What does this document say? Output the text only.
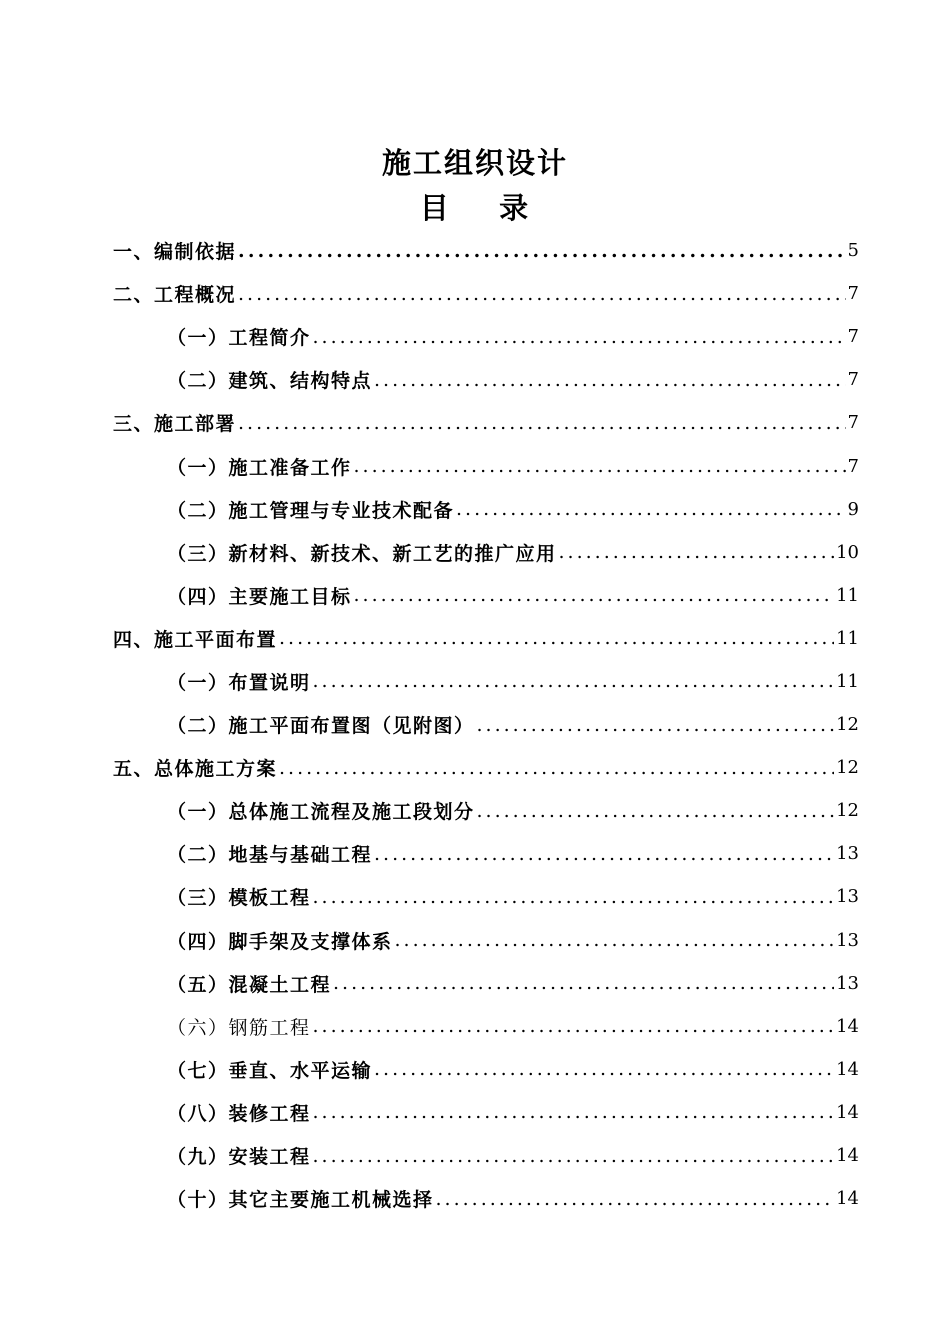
施工组织设计
目    录
一、编制依据 .....	5
二、工程概况 .....	7
（一）工程简介 .....	7
（二）建筑、结构特点 .....	7
三、施工部署 .....	7
（一）施工准备工作 .....	7
（二）施工管理与专业技术配备 .....	9
（三）新材料、新技术、新工艺的推广应用 .....	10
（四）主要施工目标 .....	11
四、施工平面布置 .....	11
（一）布置说明 .....	11
（二）施工平面布置图（见附图） .....	12
五、总体施工方案 .....	12
（一）总体施工流程及施工段划分 .....	12
（二）地基与基础工程 .....	13
（三）模板工程 .....	13
（四）脚手架及支撑体系 .....	13
（五）混凝土工程 .....	13
（六）钢筋工程 .....	14
（七）垂直、水平运输 .....	14
（八）装修工程 .....	14
（九）安装工程 .....	14
（十）其它主要施工机械选择 .....	14
